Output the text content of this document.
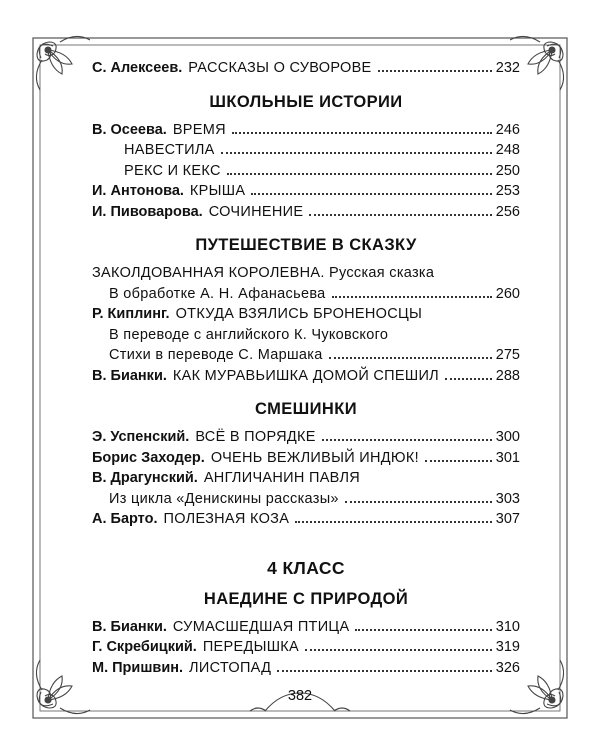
С. Алексеев. РАССКАЗЫ О СУВОРОВЕ	232
ШКОЛЬНЫЕ ИСТОРИИ
В. Осеева. ВРЕМЯ	246
НАВЕСТИЛА	248
РЕКС И КЕКС	250
И. Антонова. КРЫША	253
И. Пивоварова. СОЧИНЕНИЕ	256
ПУТЕШЕСТВИЕ В СКАЗКУ
ЗАКОЛДОВАННАЯ КОРОЛЕВНА. Русская сказка
В обработке А. Н. Афанасьева	260
Р. Киплинг. ОТКУДА ВЗЯЛИСЬ БРОНЕНОСЦЫ
В переводе с английского К. Чуковского
Стихи в переводе С. Маршака	275
В. Бианки. КАК МУРАВЬИШКА ДОМОЙ СПЕШИЛ	288
СМЕШИНКИ
Э. Успенский. ВСЁ В ПОРЯДКЕ	300
Борис Заходер. ОЧЕНЬ ВЕЖЛИВЫЙ ИНДЮК!	301
В. Драгунский. АНГЛИЧАНИН ПАВЛЯ
Из цикла «Денискины рассказы»	303
А. Барто. ПОЛЕЗНАЯ КОЗА	307
4 КЛАСС
НАЕДИНЕ С ПРИРОДОЙ
В. Бианки. СУМАСШЕДШАЯ ПТИЦА	310
Г. Скребицкий. ПЕРЕДЫШКА	319
М. Пришвин. ЛИСТОПАД	326
382
